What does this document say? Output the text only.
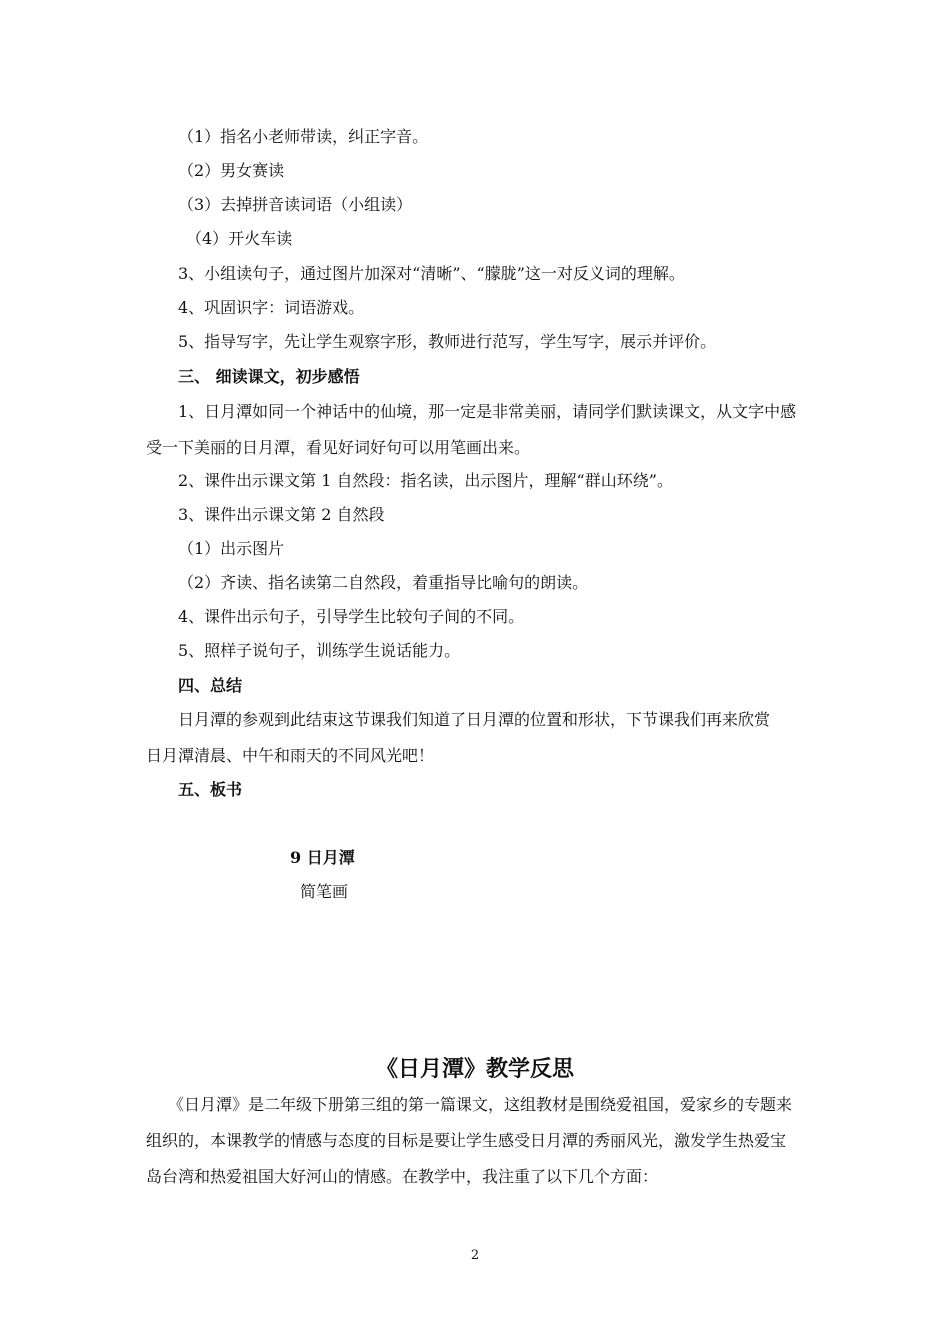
（1）指名小老师带读，纠正字音。
（2）男女赛读
（3）去掉拼音读词语（小组读）
（4）开火车读
3、小组读句子，通过图片加深对“清晰”、“朦胧”这一对反义词的理解。
4、巩固识字：词语游戏。
5、指导写字，先让学生观察字形，教师进行范写，学生写字，展示并评价。
三、 细读课文，初步感悟
1、日月潭如同一个神话中的仙境，那一定是非常美丽，请同学们默读课文，从文字中感
受一下美丽的日月潭，看见好词好句可以用笔画出来。
2、课件出示课文第 1 自然段：指名读，出示图片，理解“群山环绕”。
3、课件出示课文第 2 自然段
（1）出示图片
（2）齐读、指名读第二自然段，着重指导比喻句的朗读。
4、课件出示句子，引导学生比较句子间的不同。
5、照样子说句子，训练学生说话能力。
四、总结
日月潭的参观到此结束这节课我们知道了日月潭的位置和形状，下节课我们再来欣赏
日月潭清晨、中午和雨天的不同风光吧！
五、板书
9 日月潭
简笔画
《日月潭》教学反思
《日月潭》是二年级下册第三组的第一篇课文，这组教材是围绕爱祖国，爱家乡的专题来
组织的，本课教学的情感与态度的目标是要让学生感受日月潭的秀丽风光，激发学生热爱宝
岛台湾和热爱祖国大好河山的情感。在教学中，我注重了以下几个方面：
2
